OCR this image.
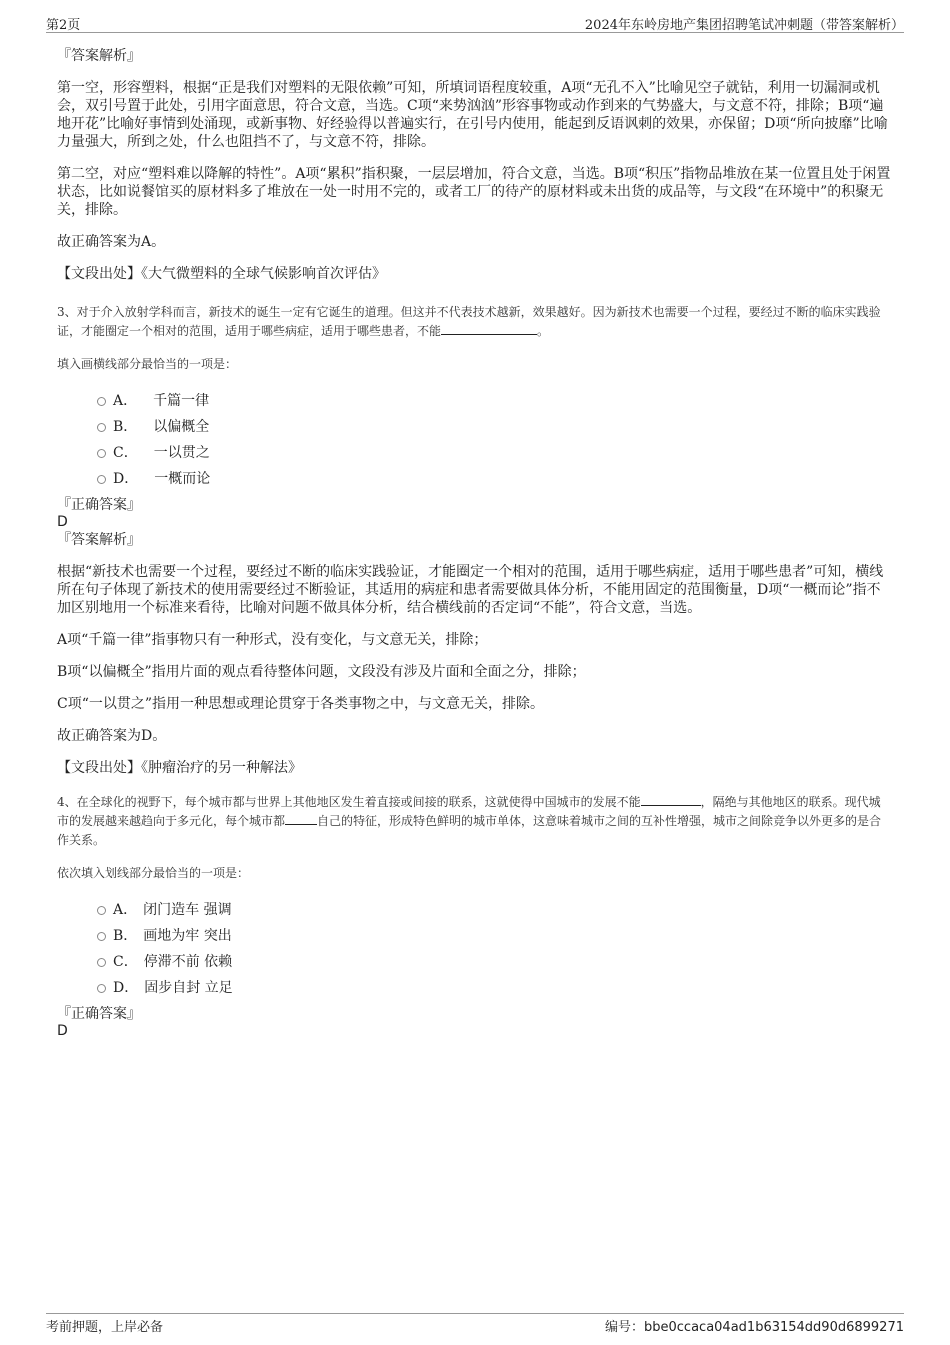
第2页	2024年东岭房地产集团招聘笔试冲刺题（带答案解析）

『答案解析』

第一空，形容塑料，根据“正是我们对塑料的无限依赖”可知，所填词语程度较重，A项“无孔不入”比喻见空子就钻，利用一切漏洞或机会，双引号置于此处，引用字面意思，符合文意，当选。C项“来势汹汹”形容事物或动作到来的气势盛大，与文意不符，排除；B项“遍地开花”比喻好事情到处涌现，或新事物、好经验得以普遍实行，在引号内使用，能起到反语讽刺的效果，亦保留；D项“所向披靡”比喻力量强大，所到之处，什么也阻挡不了，与文意不符，排除。

第二空，对应“塑料难以降解的特性”。A项“累积”指积聚，一层层增加，符合文意，当选。B项“积压”指物品堆放在某一位置且处于闲置状态，比如说餐馆买的原材料多了堆放在一处一时用不完的，或者工厂的待产的原材料或未出货的成品等，与文段“在环境中”的积聚无关，排除。

故正确答案为A。

【文段出处】《大气微塑料的全球气候影响首次评估》

3、对于介入放射学科而言，新技术的诞生一定有它诞生的道理。但这并不代表技术越新，效果越好。因为新技术也需要一个过程，要经过不断的临床实践验证，才能圈定一个相对的范围，适用于哪些病症，适用于哪些患者，不能	。

填入画横线部分最恰当的一项是：

A． 千篇一律
B． 以偏概全
C． 一以贯之
D． 一概而论

『正确答案』

D

『答案解析』

根据“新技术也需要一个过程，要经过不断的临床实践验证，才能圈定一个相对的范围，适用于哪些病症，适用于哪些患者”可知，横线所在句子体现了新技术的使用需要经过不断验证，其适用的病症和患者需要做具体分析，不能用固定的范围衡量，D项“一概而论”指不加区别地用一个标准来看待，比喻对问题不做具体分析，结合横线前的否定词“不能”，符合文意，当选。

A项“千篇一律”指事物只有一种形式，没有变化，与文意无关，排除；

B项“以偏概全”指用片面的观点看待整体问题，文段没有涉及片面和全面之分，排除；

C项“一以贯之”指用一种思想或理论贯穿于各类事物之中，与文意无关，排除。

故正确答案为D。

【文段出处】《肿瘤治疗的另一种解法》

4、在全球化的视野下，每个城市都与世界上其他地区发生着直接或间接的联系，这就使得中国城市的发展不能	，隔绝与其他地区的联系。现代城市的发展越来越趋向于多元化，每个城市都	自己的特征，形成特色鲜明的城市单体，这意味着城市之间的互补性增强，城市之间除竞争以外更多的是合作关系。

依次填入划线部分最恰当的一项是：

A． 闭门造车 强调
B． 画地为牢 突出
C． 停滞不前 依赖
D． 固步自封 立足

『正确答案』

D

考前押题，上岸必备	编号：bbe0ccaca04ad1b63154dd90d6899271
